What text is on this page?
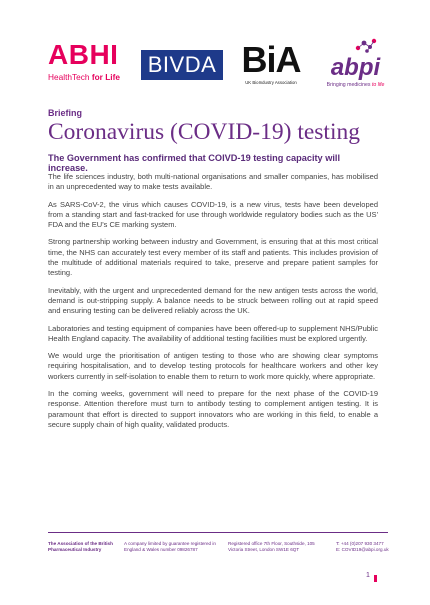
ABHI
HealthTech for Life	BIVDA BiA
UK BioIndustry Association
abpi
Bringing medicines to life
Briefing
Coronavirus (COVID-19) testing
The Government has confirmed that COIVD-19 testing capacity will increase.

The life sciences industry, both multi-national organisations and smaller companies, has mobilised in an unprecedented way to make tests available.

As SARS-CoV-2, the virus which causes COVID-19, is a new virus, tests have been developed from a standing start and fast-tracked for use through worldwide regulatory bodies such as the US' FDA and the EU's CE marking system.

Strong partnership working between industry and Government, is ensuring that at this most critical time, the NHS can accurately test every member of its staff and patients. This includes provision of the multitude of additional materials required to take, preserve and prepare patient samples for testing.

Inevitably, with the urgent and unprecedented demand for the new antigen tests across the world, demand is out-stripping supply. A balance needs to be struck between rolling out at rapid speed and ensuring testing can be delivered reliably across the UK.

Laboratories and testing equipment of companies have been offered-up to supplement NHS/Public Health England capacity. The availability of additional testing facilities must be explored urgently.

We would urge the prioritisation of antigen testing to those who are showing clear symptoms requiring hospitalisation, and to develop testing protocols for healthcare workers and other key workers currently in self-isolation to enable them to return to work more quickly, where appropriate.

In the coming weeks, government will need to prepare for the next phase of the COVID-19 response. Attention therefore must turn to antibody testing to complement antigen testing. It is paramount that effort is directed to support innovators who are working in this field, to enable a secure supply chain of high quality, validated products.

The Association of the British Pharmaceutical Industry
A company limited by guarantee registered in England & Wales number 09826787
Registered office 7th Floor, Southside, 105 Victoria Street, London SW1E 6QT
T: +44 (0)207 930 3477
E: COVID19@abpi.org.uk
1
